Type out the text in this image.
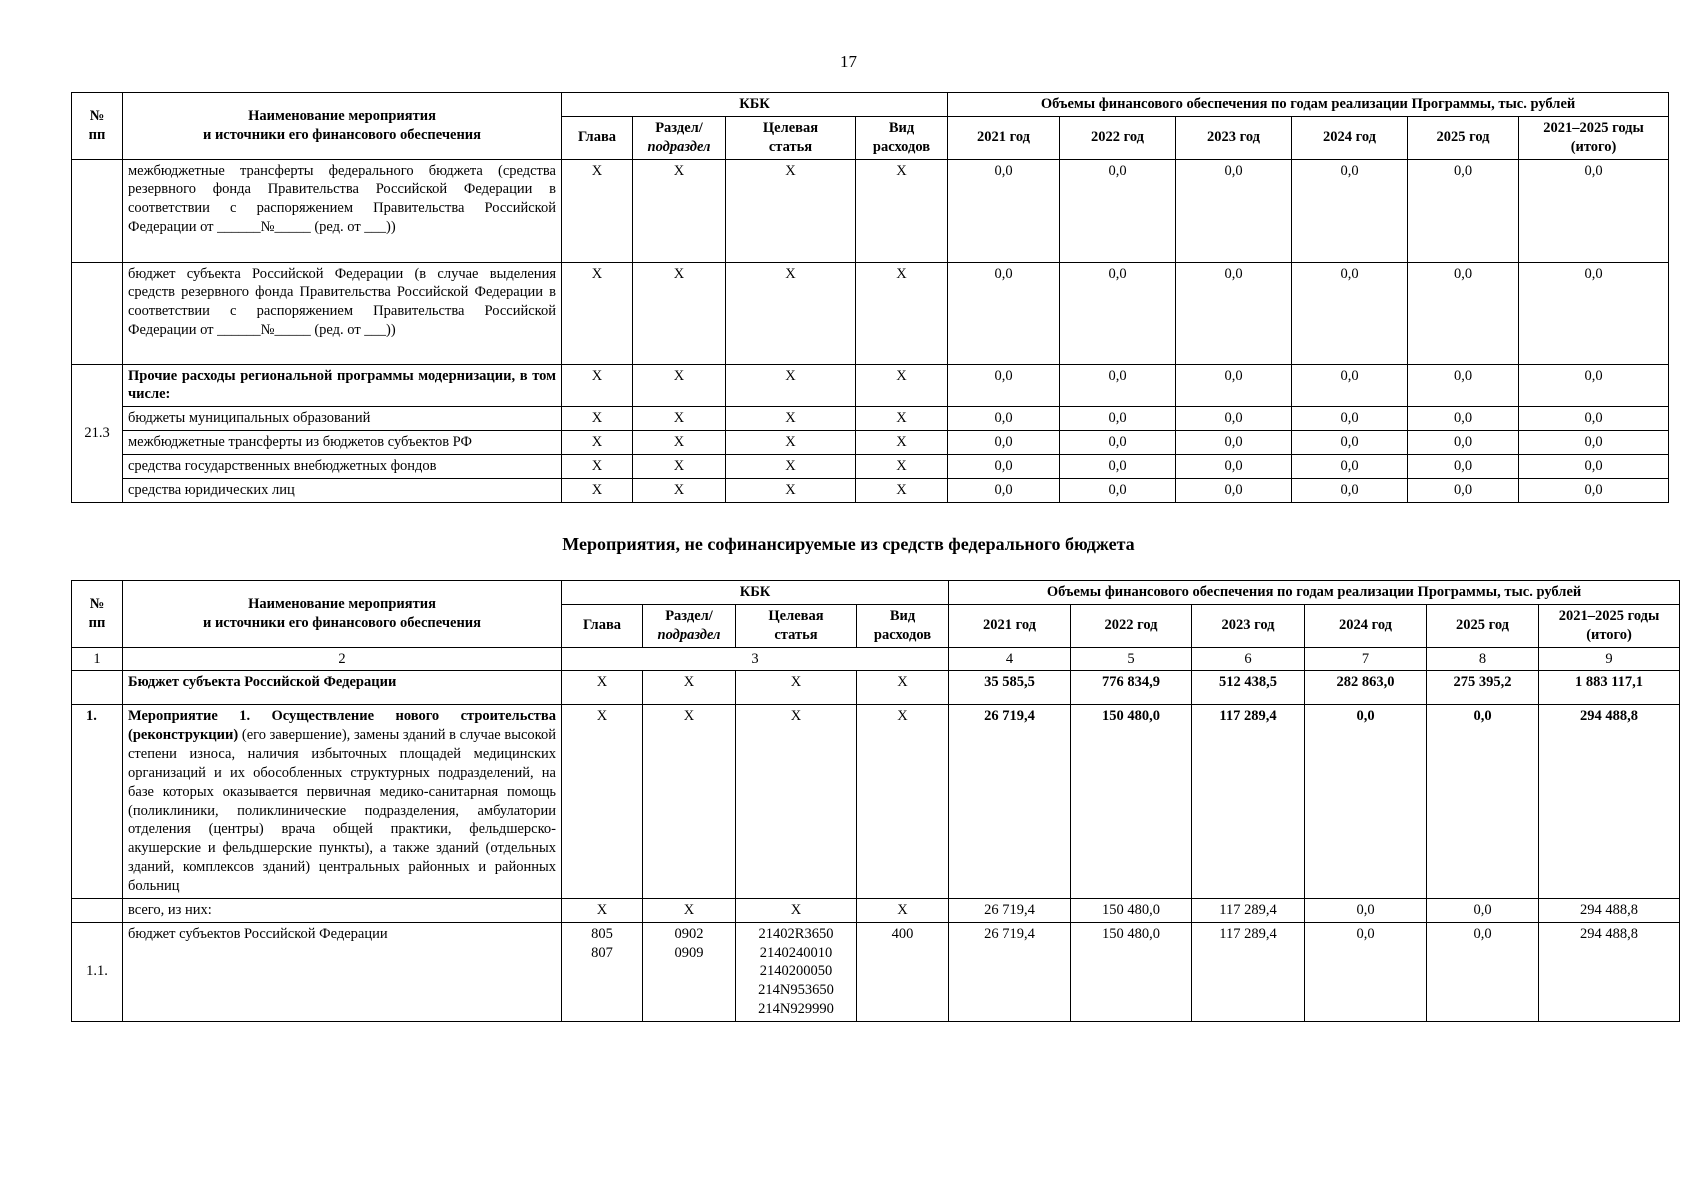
17
№
пп	Наименование мероприятия
и источники его финансового обеспечения	КБК				Объемы финансового обеспечения по годам реализации Программы, тыс. рублей					
		Глава	Раздел/
подраздел	Целевая
статья	Вид
расходов	2021 год	2022 год	2023 год	2024 год	2025 год	2021–2025 годы
(итого)
	межбюджетные трансферты федерального бюджета (средства резервного фонда Правительства Российской Федерации в соответствии с распоряжением Правительства Российской Федерации от ______№_____ (ред. от ___))	X	X	X	X	0,0	0,0	0,0	0,0	0,0	0,0
	бюджет субъекта Российской Федерации (в случае выделения средств резервного фонда Правительства Российской Федерации в соответствии с распоряжением Правительства Российской Федерации от ______№_____ (ред. от ___))	X	X	X	X	0,0	0,0	0,0	0,0	0,0	0,0
21.3	Прочие расходы региональной программы модернизации, в том числе:	X	X	X	X	0,0	0,0	0,0	0,0	0,0	0,0
	бюджеты муниципальных образований	X	X	X	X	0,0	0,0	0,0	0,0	0,0	0,0
	межбюджетные трансферты из бюджетов субъектов РФ	X	X	X	X	0,0	0,0	0,0	0,0	0,0	0,0
	средства государственных внебюджетных фондов	X	X	X	X	0,0	0,0	0,0	0,0	0,0	0,0
	средства юридических лиц	X	X	X	X	0,0	0,0	0,0	0,0	0,0	0,0
Мероприятия, не софинансируемые из средств федерального бюджета
№
пп	Наименование мероприятия
и источники его финансового обеспечения	КБК				Объемы финансового обеспечения по годам реализации Программы, тыс. рублей					
		Глава	Раздел/
подраздел	Целевая
статья	Вид
расходов	2021 год	2022 год	2023 год	2024 год	2025 год	2021–2025 годы
(итого)
1	2	3				4	5	6	7	8	9
	Бюджет субъекта Российской Федерации	X	X	X	X	35 585,5	776 834,9	512 438,5	282 863,0	275 395,2	1 883 117,1
1.	Мероприятие 1. Осуществление нового строительства (реконструкции) (его завершение), замены зданий в случае высокой степени износа, наличия избыточных площадей медицинских организаций и их обособленных структурных подразделений, на базе которых оказывается первичная медико-санитарная помощь (поликлиники, поликлинические подразделения, амбулатории отделения (центры) врача общей практики, фельдшерско-акушерские и фельдшерские пункты), а также зданий (отдельных зданий, комплексов зданий) центральных районных и районных больниц	X	X	X	X	26 719,4	150 480,0	117 289,4	0,0	0,0	294 488,8
	всего, из них:	X	X	X	X	26 719,4	150 480,0	117 289,4	0,0	0,0	294 488,8
1.1.	бюджет субъектов Российской Федерации	805
807	0902
0909	21402R3650
2140240010
2140200050
214N953650
214N929990	400	26 719,4	150 480,0	117 289,4	0,0	0,0	294 488,8
